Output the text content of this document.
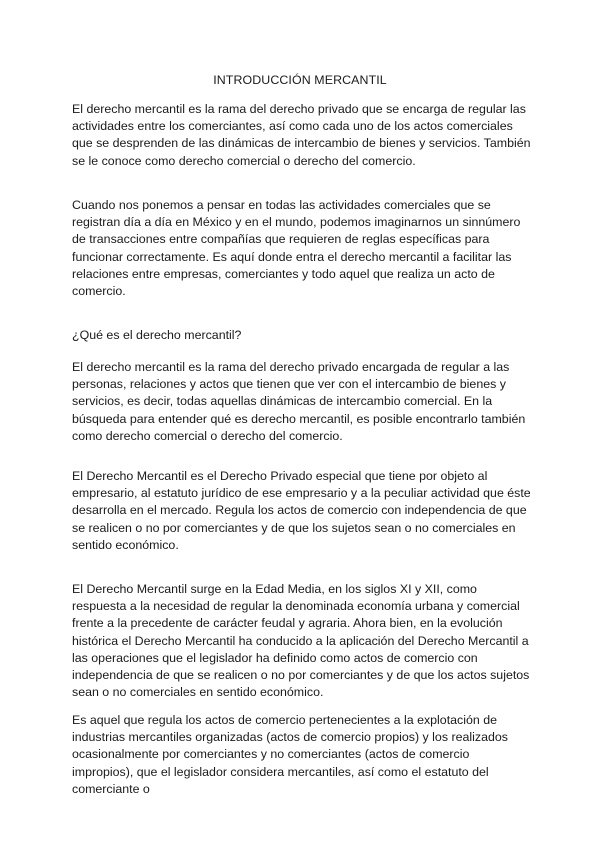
INTRODUCCIÓN MERCANTIL

El derecho mercantil es la rama del derecho privado que se encarga de regular las actividades entre los comerciantes, así como cada uno de los actos comerciales que se desprenden de las dinámicas de intercambio de bienes y servicios. También se le conoce como derecho comercial o derecho del comercio.

Cuando nos ponemos a pensar en todas las actividades comerciales que se registran día a día en México y en el mundo, podemos imaginarnos un sinnúmero de transacciones entre compañías que requieren de reglas específicas para funcionar correctamente. Es aquí donde entra el derecho mercantil a facilitar las relaciones entre empresas, comerciantes y todo aquel que realiza un acto de comercio.

¿Qué es el derecho mercantil?

El derecho mercantil es la rama del derecho privado encargada de regular a las personas, relaciones y actos que tienen que ver con el intercambio de bienes y servicios, es decir, todas aquellas dinámicas de intercambio comercial. En la búsqueda para entender qué es derecho mercantil, es posible encontrarlo también como derecho comercial o derecho del comercio.

El Derecho Mercantil es el Derecho Privado especial que tiene por objeto al empresario, al estatuto jurídico de ese empresario y a la peculiar actividad que éste desarrolla en el mercado. Regula los actos de comercio con independencia de que se realicen o no por comerciantes y de que los sujetos sean o no comerciales en sentido económico.

El Derecho Mercantil surge en la Edad Media, en los siglos XI y XII, como respuesta a la necesidad de regular la denominada economía urbana y comercial frente a la precedente de carácter feudal y agraria. Ahora bien, en la evolución histórica el Derecho Mercantil ha conducido a la aplicación del Derecho Mercantil a las operaciones que el legislador ha definido como actos de comercio con independencia de que se realicen o no por comerciantes y de que los actos sujetos sean o no comerciales en sentido económico.

Es aquel que regula los actos de comercio pertenecientes a la explotación de industrias mercantiles organizadas (actos de comercio propios) y los realizados ocasionalmente por comerciantes y no comerciantes (actos de comercio impropios), que el legislador considera mercantiles, así como el estatuto del comerciante o
